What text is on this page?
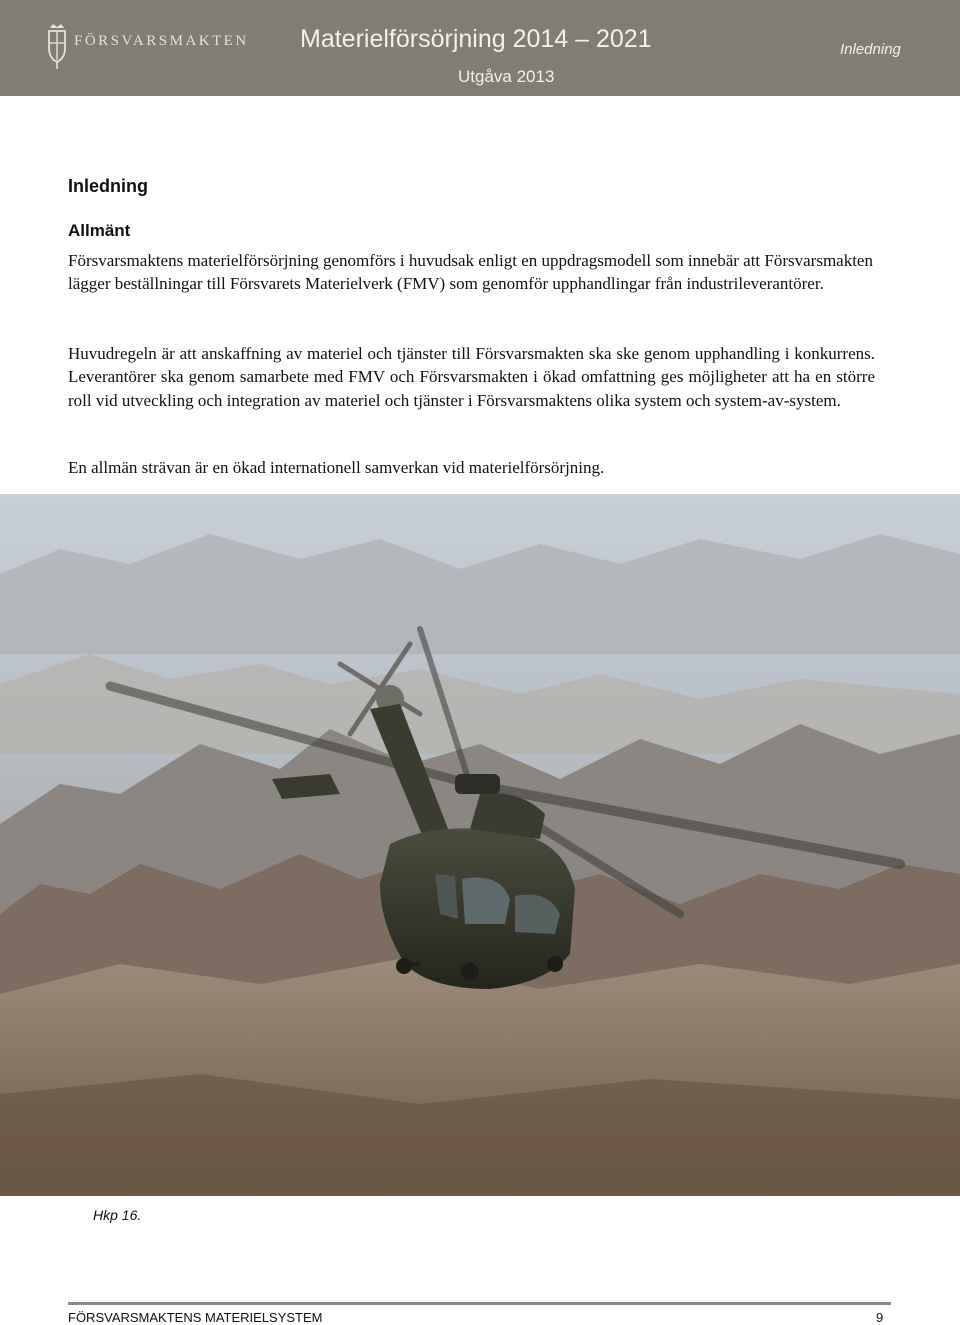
FÖRSVARSMAKTEN Materielförsörjning 2014 – 2021
Utgåva 2013
Inledning
Inledning
Allmänt

Försvarsmaktens materielförsörjning genomförs i huvudsak enligt en uppdragsmodell som innebär att Försvarsmakten lägger beställningar till Försvarets Materielverk (FMV) som genomför upphandlingar från industrileverantörer.

Huvudregeln är att anskaffning av materiel och tjänster till Försvarsmakten ska ske genom upphandling i konkurrens. Leverantörer ska genom samarbete med FMV och Försvarsmakten i ökad omfattning ges möjligheter att ha en större roll vid utveckling och integration av materiel och tjänster i Försvarsmaktens olika system och system-av-system.

En allmän strävan är en ökad internationell samverkan vid materielförsörjning.

Hkp 16.
FÖRSVARSMAKTENS MATERIELSYSTEM	9
